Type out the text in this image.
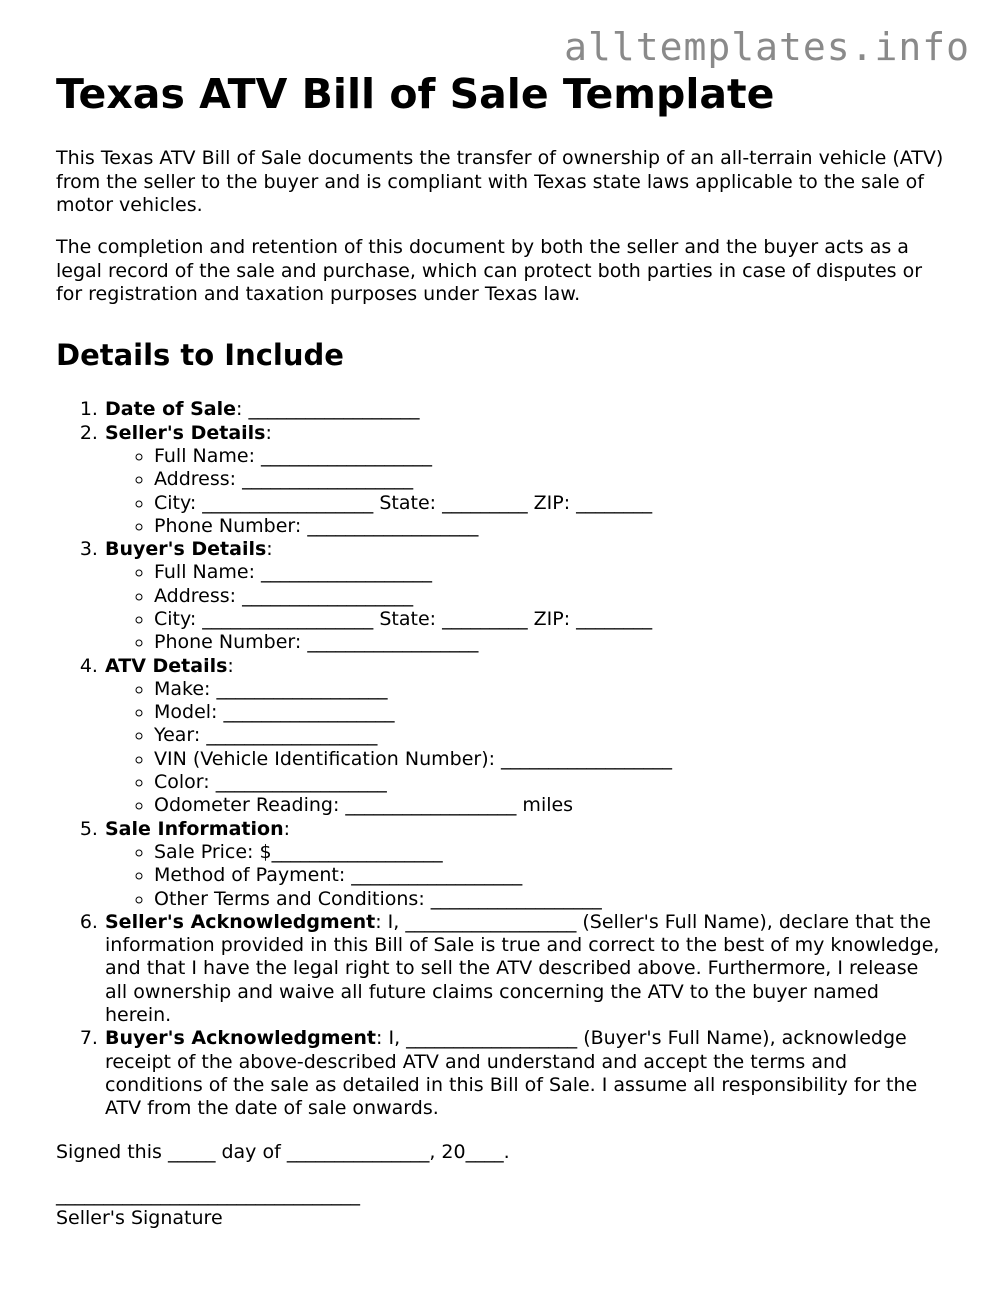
alltemplates.info
Texas ATV Bill of Sale Template

This Texas ATV Bill of Sale documents the transfer of ownership of an all-terrain vehicle (ATV) from the seller to the buyer and is compliant with Texas state laws applicable to the sale of motor vehicles.

The completion and retention of this document by both the seller and the buyer acts as a legal record of the sale and purchase, which can protect both parties in case of disputes or for registration and taxation purposes under Texas law.

Details to Include
1. Date of Sale: __________________
2. Seller's Details:
◦ Full Name: __________________
◦ Address: __________________
◦ City: __________________ State: _________ ZIP: ________
◦ Phone Number: __________________
3. Buyer's Details:
◦ Full Name: __________________
◦ Address: __________________
◦ City: __________________ State: _________ ZIP: ________
◦ Phone Number: __________________
4. ATV Details:
◦ Make: __________________
◦ Model: __________________
◦ Year: __________________
◦ VIN (Vehicle Identification Number): __________________
◦ Color: __________________
◦ Odometer Reading: __________________ miles
5. Sale Information:
◦ Sale Price: $__________________
◦ Method of Payment: __________________
◦ Other Terms and Conditions: __________________
6. Seller's Acknowledgment: I, __________________ (Seller's Full Name), declare that the information provided in this Bill of Sale is true and correct to the best of my knowledge, and that I have the legal right to sell the ATV described above. Furthermore, I release all ownership and waive all future claims concerning the ATV to the buyer named herein.
7. Buyer's Acknowledgment: I, __________________ (Buyer's Full Name), acknowledge receipt of the above-described ATV and understand and accept the terms and conditions of the sale as detailed in this Bill of Sale. I assume all responsibility for the ATV from the date of sale onwards.

Signed this _____ day of _______________, 20____.

________________________________

Seller's Signature
